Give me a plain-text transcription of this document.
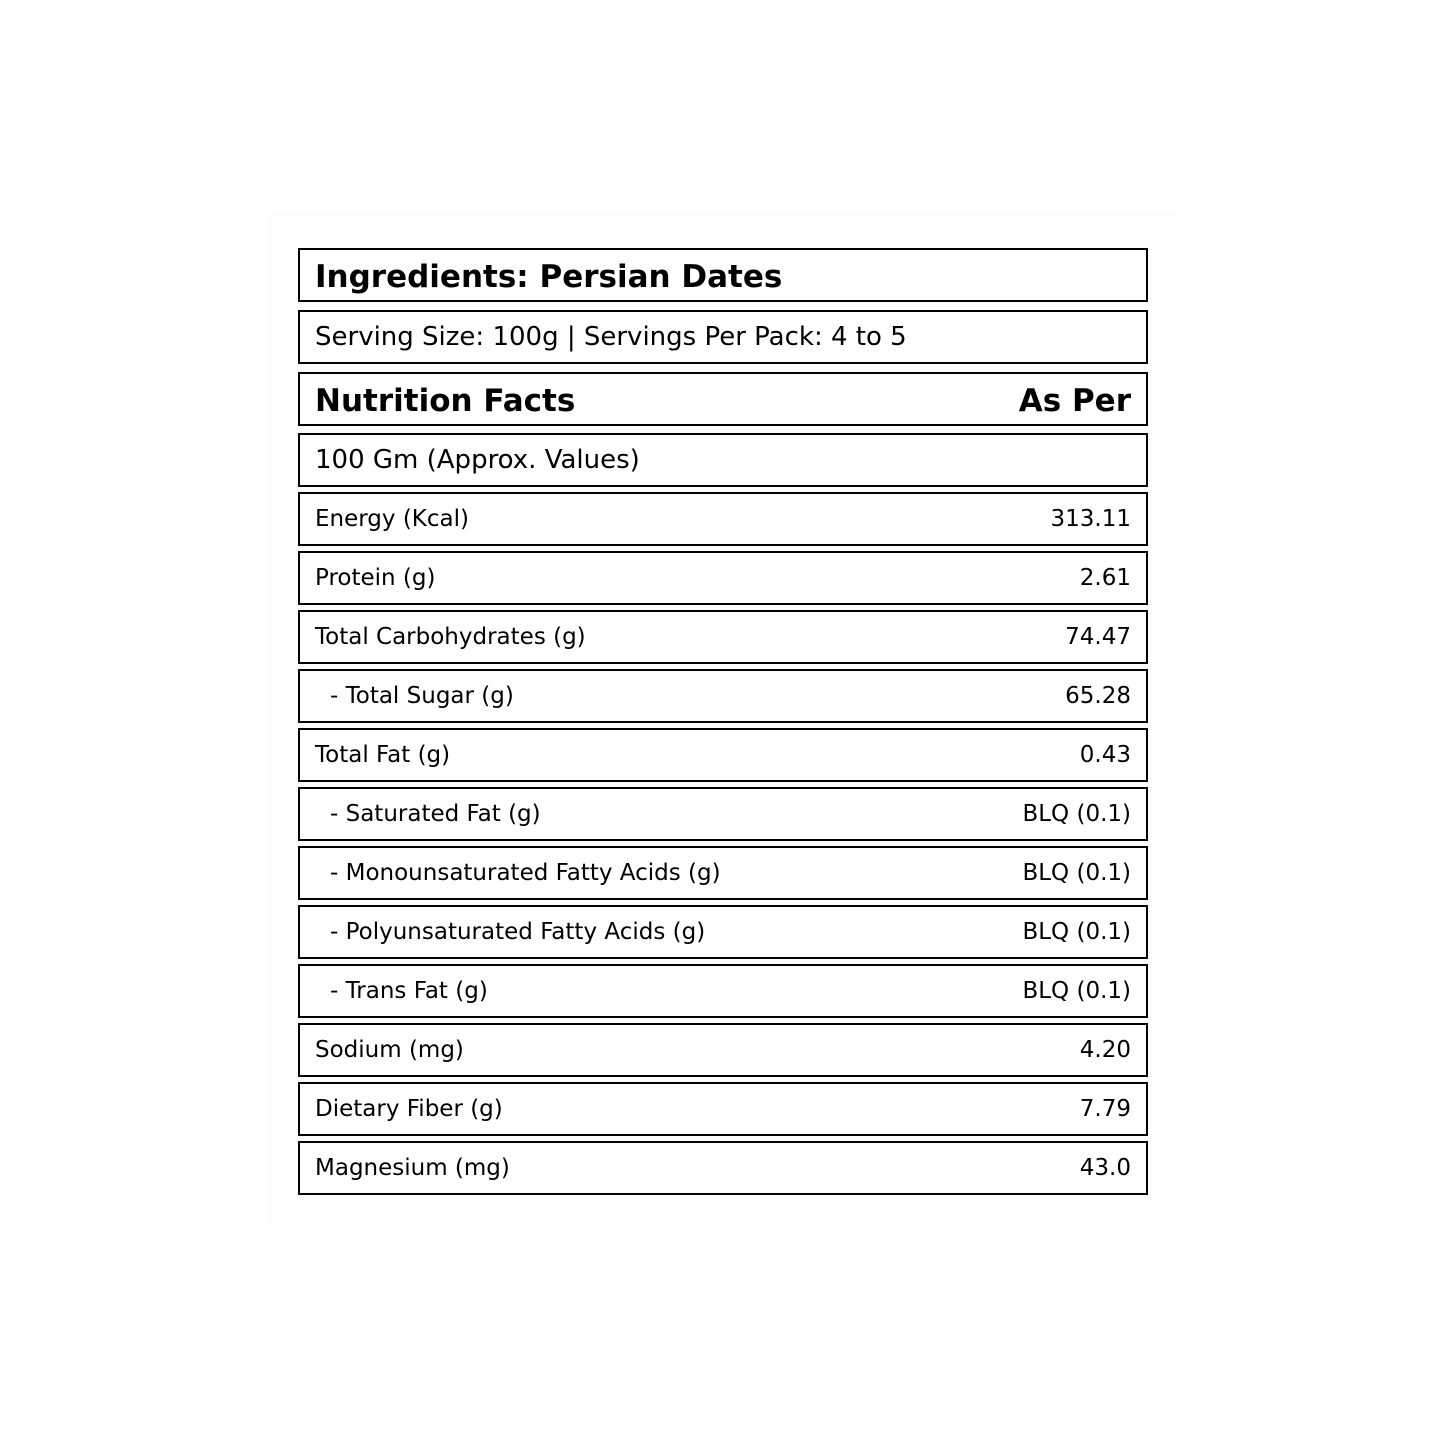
Ingredients: Persian Dates
Serving Size: 100g | Servings Per Pack: 4 to 5
Nutrition Facts	As Per
100 Gm (Approx. Values)
Energy (Kcal)	313.11
Protein (g)	2.61
Total Carbohydrates (g)	74.47
- Total Sugar (g)	65.28
Total Fat (g)	0.43
- Saturated Fat (g)	BLQ (0.1)
- Monounsaturated Fatty Acids (g)	BLQ (0.1)
- Polyunsaturated Fatty Acids (g)	BLQ (0.1)
- Trans Fat (g)	BLQ (0.1)
Sodium (mg)	4.20
Dietary Fiber (g)	7.79
Magnesium (mg)	43.0
